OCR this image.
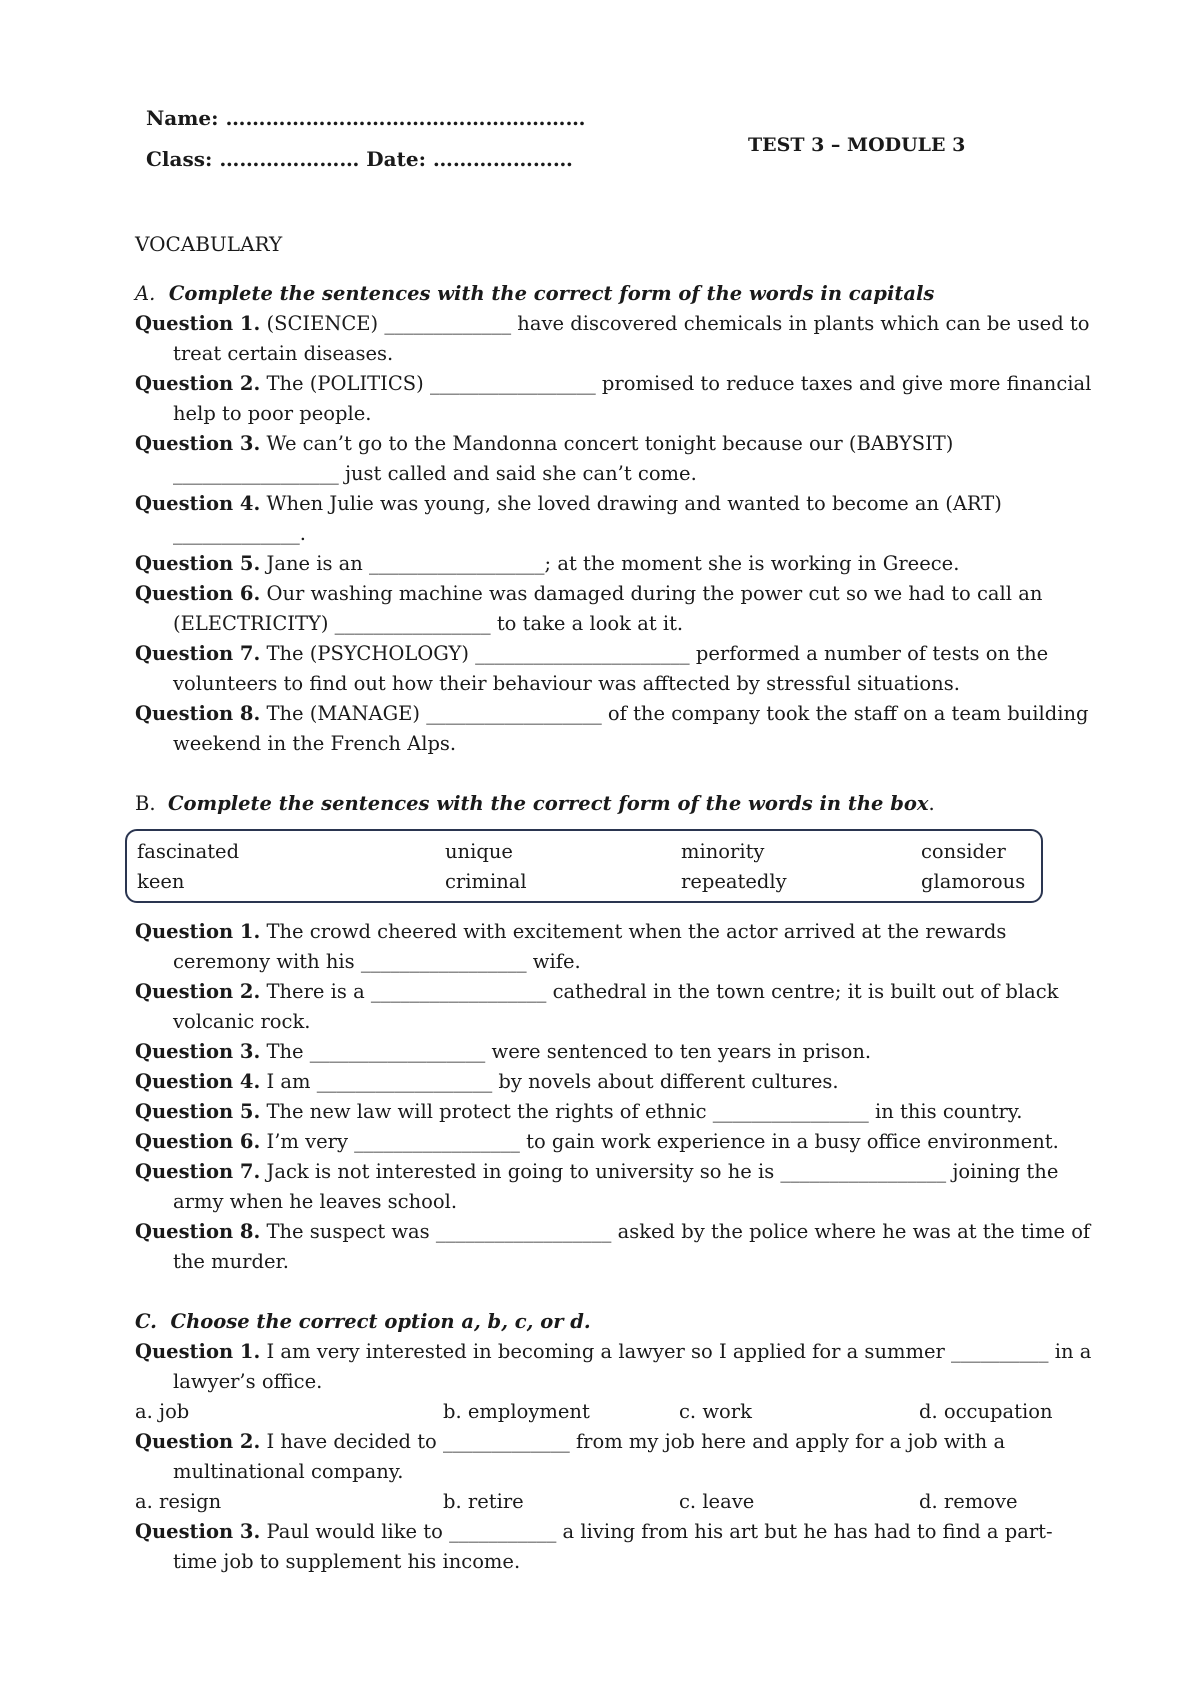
Name: ………………………………………………
Class: ………………… Date: …………………
TEST 3 – MODULE 3
VOCABULARY
A. Complete the sentences with the correct form of the words in capitals
Question 1. (SCIENCE) _____________ have discovered chemicals in plants which can be used to treat certain diseases.
Question 2. The (POLITICS) _________________ promised to reduce taxes and give more financial help to poor people.
Question 3. We can’t go to the Mandonna concert tonight because our (BABYSIT) _________________ just called and said she can’t come.
Question 4. When Julie was young, she loved drawing and wanted to become an (ART) _____________.
Question 5. Jane is an __________________; at the moment she is working in Greece.
Question 6. Our washing machine was damaged during the power cut so we had to call an (ELECTRICITY) ________________ to take a look at it.
Question 7. The (PSYCHOLOGY) ______________________ performed a number of tests on the volunteers to find out how their behaviour was afftected by stressful situations.
Question 8. The (MANAGE) __________________ of the company took the staff on a team building weekend in the French Alps.
B. Complete the sentences with the correct form of the words in the box.
fascinated	unique	minority	consider
keen	criminal	repeatedly	glamorous
Question 1. The crowd cheered with excitement when the actor arrived at the rewards ceremony with his _________________ wife.
Question 2. There is a __________________ cathedral in the town centre; it is built out of black volcanic rock.
Question 3. The __________________ were sentenced to ten years in prison.
Question 4. I am __________________ by novels about different cultures.
Question 5. The new law will protect the rights of ethnic ________________ in this country.
Question 6. I’m very _________________ to gain work experience in a busy office environment.
Question 7. Jack is not interested in going to university so he is _________________ joining the army when he leaves school.
Question 8. The suspect was __________________ asked by the police where he was at the time of the murder.
C. Choose the correct option a, b, c, or d.
Question 1. I am very interested in becoming a lawyer so I applied for a summer __________ in a lawyer’s office.
a. job	b. employment	c. work	d. occupation
Question 2. I have decided to _____________ from my job here and apply for a job with a multinational company.
a. resign	b. retire	c. leave	d. remove
Question 3. Paul would like to ___________ a living from his art but he has had to find a part-time job to supplement his income.
